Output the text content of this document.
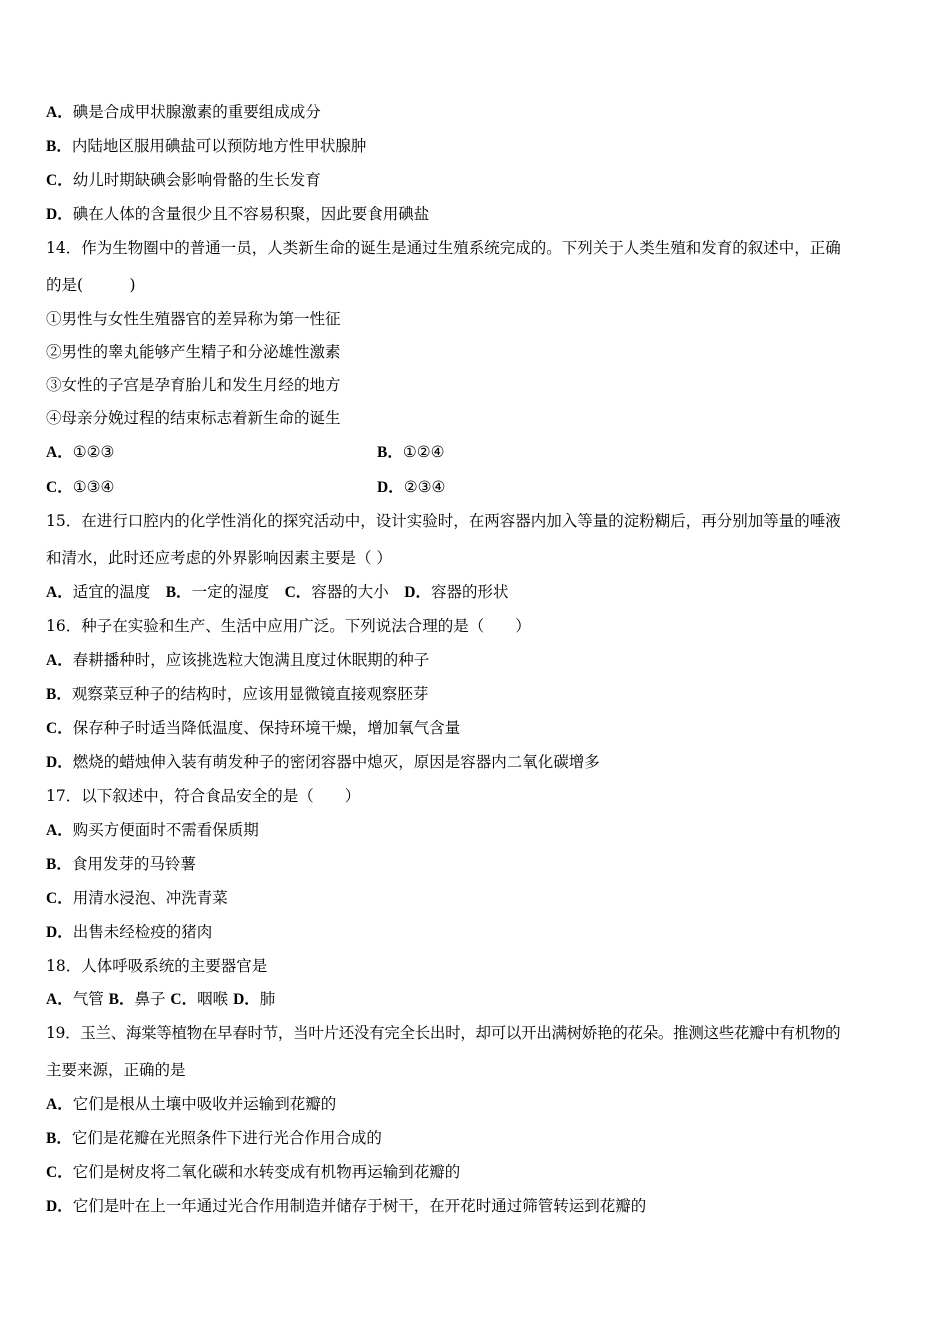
A．碘是合成甲状腺激素的重要组成成分
B．内陆地区服用碘盐可以预防地方性甲状腺肿
C．幼儿时期缺碘会影响骨骼的生长发育
D．碘在人体的含量很少且不容易积聚，因此要食用碘盐
14．作为生物圈中的普通一员，人类新生命的诞生是通过生殖系统完成的。下列关于人类生殖和发育的叙述中，正确
的是(　　　)
①男性与女性生殖器官的差异称为第一性征
②男性的睾丸能够产生精子和分泌雄性激素
③女性的子宫是孕育胎儿和发生月经的地方
④母亲分娩过程的结束标志着新生命的诞生
A．①②③	B．①②④
C．①③④	D．②③④
15．在进行口腔内的化学性消化的探究活动中，设计实验时，在两容器内加入等量的淀粉糊后，再分别加等量的唾液
和清水，此时还应考虑的外界影响因素主要是（ ）
A．适宜的温度　B．一定的湿度　C．容器的大小　D．容器的形状
16．种子在实验和生产、生活中应用广泛。下列说法合理的是（　　）
A．春耕播种时，应该挑选粒大饱满且度过休眠期的种子
B．观察菜豆种子的结构时，应该用显微镜直接观察胚芽
C．保存种子时适当降低温度、保持环境干燥，增加氧气含量
D．燃烧的蜡烛伸入装有萌发种子的密闭容器中熄灭，原因是容器内二氧化碳增多
17．以下叙述中，符合食品安全的是（　　）
A．购买方便面时不需看保质期
B．食用发芽的马铃薯
C．用清水浸泡、冲洗青菜
D．出售未经检疫的猪肉
18．人体呼吸系统的主要器官是
A．气管 B．鼻子 C．咽喉 D．肺
19．玉兰、海棠等植物在早春时节，当叶片还没有完全长出时，却可以开出满树娇艳的花朵。推测这些花瓣中有机物的
主要来源，正确的是
A．它们是根从土壤中吸收并运输到花瓣的
B．它们是花瓣在光照条件下进行光合作用合成的
C．它们是树皮将二氧化碳和水转变成有机物再运输到花瓣的
D．它们是叶在上一年通过光合作用制造并储存于树干，在开花时通过筛管转运到花瓣的
